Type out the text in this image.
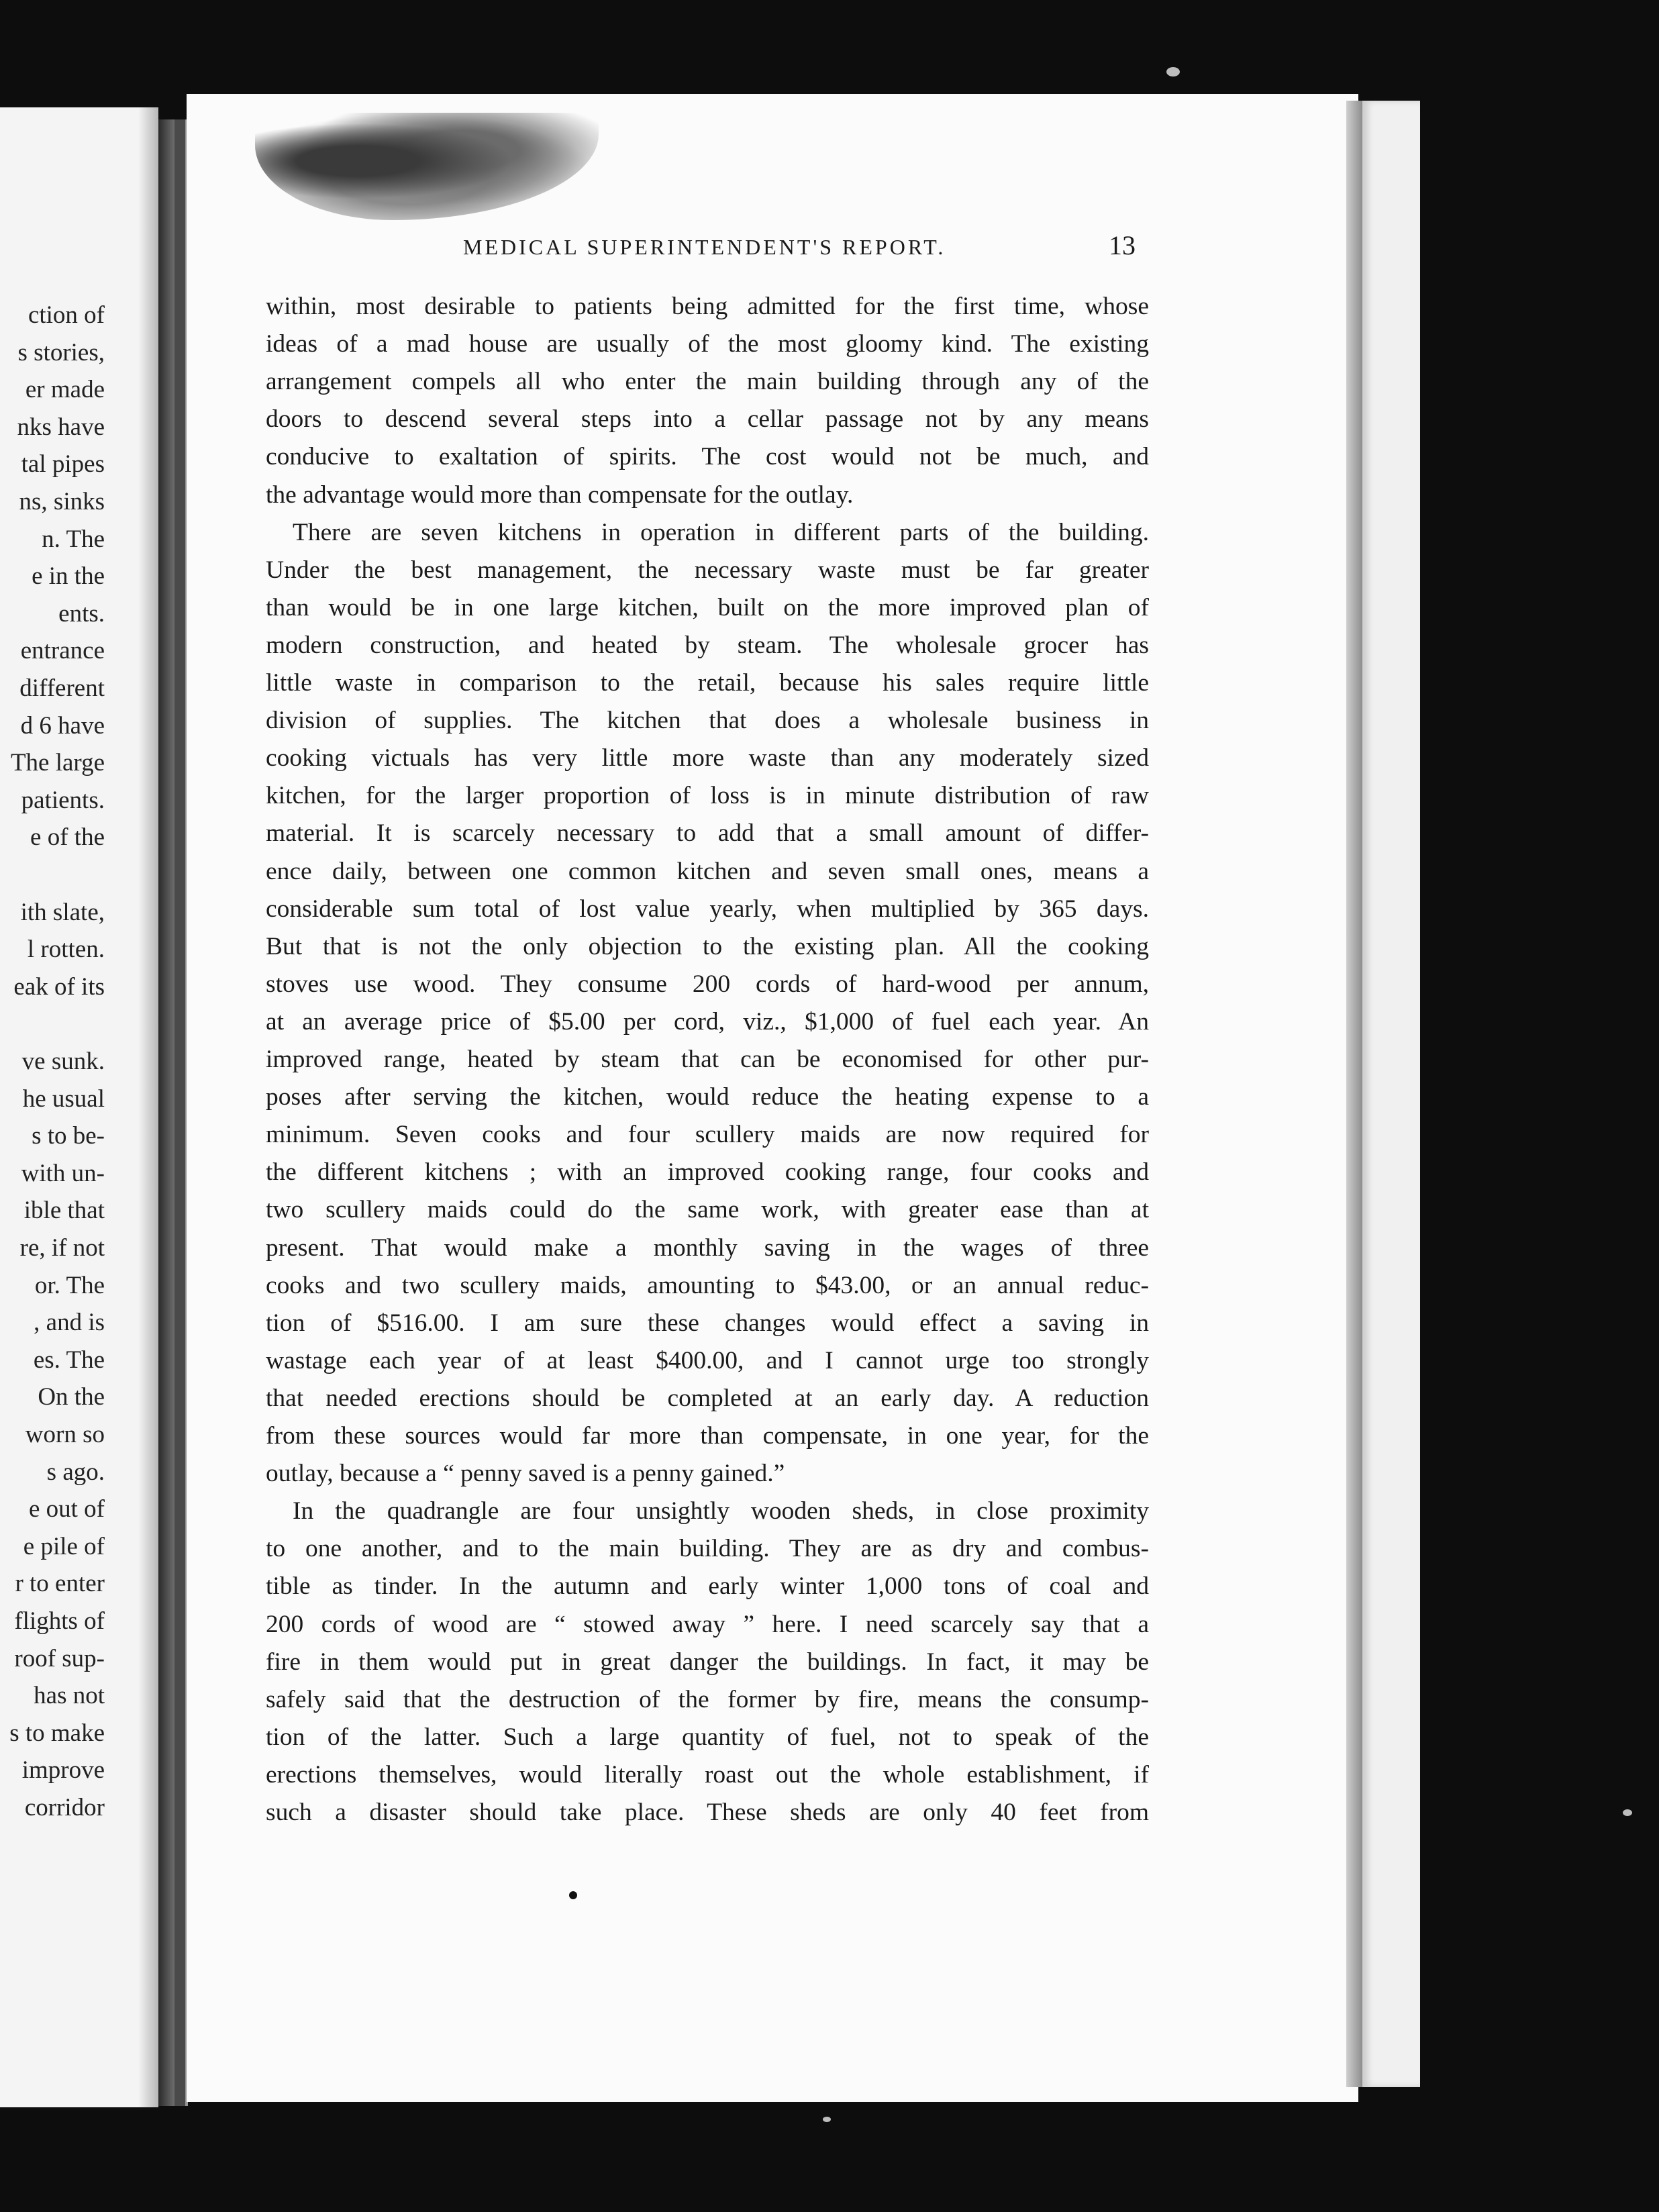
ction of
s stories,
er made
nks have
tal pipes
ns, sinks
n. The
e in the
ents.
entrance
different
d 6 have
The large
patients.
e of the
ith slate,
l rotten.
eak of its
ve sunk.
he usual
s to be-
with un-
ible that
re, if not
or. The
, and is
es. The
On the
worn so
s ago.
e out of
e pile of
r to enter
flights of
roof sup-
has not
s to make
improve
corridor
MEDICAL SUPERINTENDENT'S REPORT.	13
within, most desirable to patients being admitted for the first time, whose
ideas of a mad house are usually of the most gloomy kind. The existing
arrangement compels all who enter the main building through any of the
doors to descend several steps into a cellar passage not by any means
conducive to exaltation of spirits. The cost would not be much, and
the advantage would more than compensate for the outlay.
There are seven kitchens in operation in different parts of the building.
Under the best management, the necessary waste must be far greater
than would be in one large kitchen, built on the more improved plan of
modern construction, and heated by steam. The wholesale grocer has
little waste in comparison to the retail, because his sales require little
division of supplies. The kitchen that does a wholesale business in
cooking victuals has very little more waste than any moderately sized
kitchen, for the larger proportion of loss is in minute distribution of raw
material. It is scarcely necessary to add that a small amount of differ-
ence daily, between one common kitchen and seven small ones, means a
considerable sum total of lost value yearly, when multiplied by 365 days.
But that is not the only objection to the existing plan. All the cooking
stoves use wood. They consume 200 cords of hard-wood per annum,
at an average price of $5.00 per cord, viz., $1,000 of fuel each year. An
improved range, heated by steam that can be economised for other pur-
poses after serving the kitchen, would reduce the heating expense to a
minimum. Seven cooks and four scullery maids are now required for
the different kitchens ; with an improved cooking range, four cooks and
two scullery maids could do the same work, with greater ease than at
present. That would make a monthly saving in the wages of three
cooks and two scullery maids, amounting to $43.00, or an annual reduc-
tion of $516.00. I am sure these changes would effect a saving in
wastage each year of at least $400.00, and I cannot urge too strongly
that needed erections should be completed at an early day. A reduction
from these sources would far more than compensate, in one year, for the
outlay, because a “ penny saved is a penny gained.”
In the quadrangle are four unsightly wooden sheds, in close proximity
to one another, and to the main building. They are as dry and combus-
tible as tinder. In the autumn and early winter 1,000 tons of coal and
200 cords of wood are “ stowed away ” here. I need scarcely say that a
fire in them would put in great danger the buildings. In fact, it may be
safely said that the destruction of the former by fire, means the consump-
tion of the latter. Such a large quantity of fuel, not to speak of the
erections themselves, would literally roast out the whole establishment, if
such a disaster should take place. These sheds are only 40 feet from
